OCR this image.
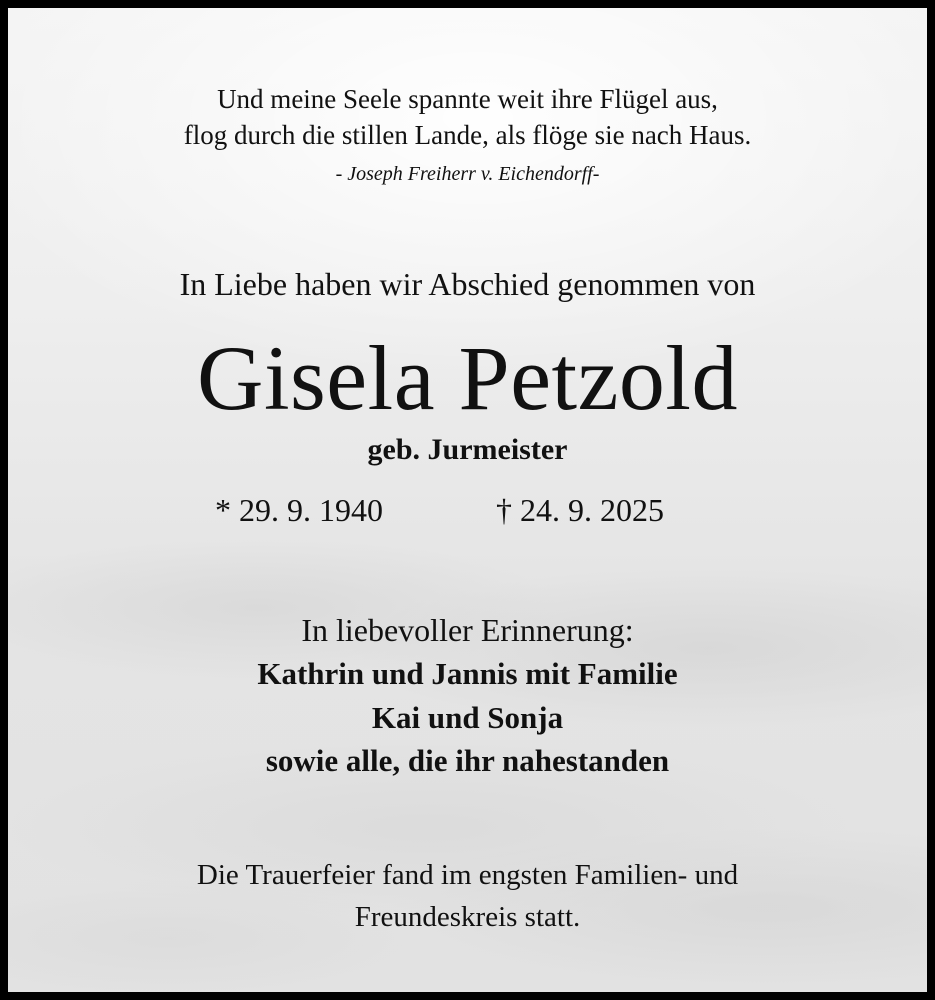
Und meine Seele spannte weit ihre Flügel aus,

flog durch die stillen Lande, als flöge sie nach Haus.

- Joseph Freiherr v. Eichendorff-

In Liebe haben wir Abschied genommen von

Gisela Petzold

geb. Jurmeister

* 29. 9. 1940	† 24. 9. 2025

In liebevoller Erinnerung:

Kathrin und Jannis mit Familie

Kai und Sonja

sowie alle, die ihr nahestanden

Die Trauerfeier fand im engsten Familien- und

Freundeskreis statt.
